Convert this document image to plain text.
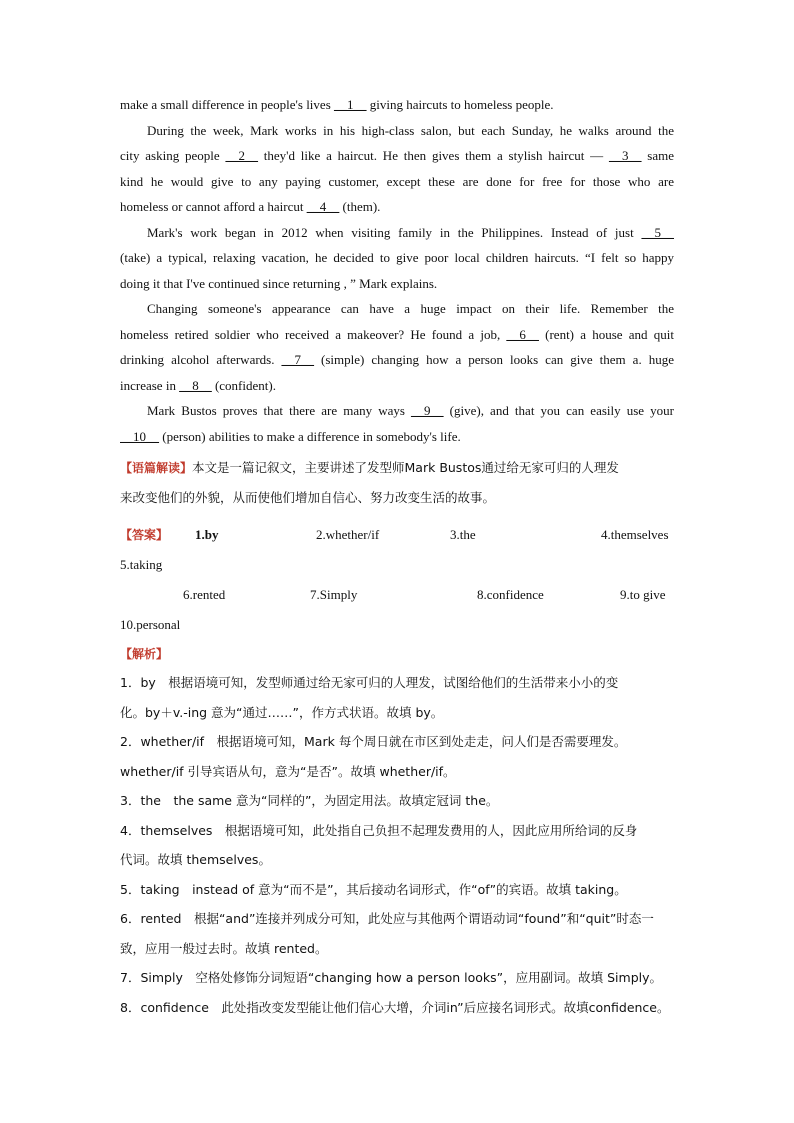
make a small difference in people's lives __1__ giving haircuts to homeless people.
During the week, Mark works in his high-class salon, but each Sunday, he walks around the
city asking people __2__ they'd like a haircut. He then gives them a stylish haircut — __3__ same
kind he would give to any paying customer, except these are done for free for those who are
homeless or cannot afford a haircut __4__ (them).
Mark's work began in 2012 when visiting family in the Philippines. Instead of just __5__
(take) a typical, relaxing vacation, he decided to give poor local children haircuts. “I felt so happy
doing it that I've continued since returning , ” Mark explains.
Changing someone's appearance can have a huge impact on their life. Remember the
homeless retired soldier who received a makeover? He found a job, __6__ (rent) a house and quit
drinking alcohol afterwards. __7__ (simple) changing how a person looks can give them a. huge
increase in __8__ (confident).
Mark Bustos proves that there are many ways __9__ (give), and that you can easily use your
__10__ (person) abilities to make a difference in somebody's life.
【语篇解读】本文是一篇记叙文，主要讲述了发型师Mark Bustos通过给无家可归的人理发
来改变他们的外貌，从而使他们增加自信心、努力改变生活的故事。
【答案】 1.by	2.whether/if	3.the	4.themselves
5.taking
6.rented	7.Simply	8.confidence	9.to give
10.personal
【解析】
1．by　根据语境可知，发型师通过给无家可归的人理发，试图给他们的生活带来小小的变
化。by＋v.-ing 意为“通过……”，作方式状语。故填 by。
2．whether/if　根据语境可知，Mark 每个周日就在市区到处走走，问人们是否需要理发。
whether/if 引导宾语从句，意为“是否”。故填 whether/if。
3．the　the same 意为“同样的”，为固定用法。故填定冠词 the。
4．themselves　根据语境可知，此处指自己负担不起理发费用的人，因此应用所给词的反身
代词。故填 themselves。
5．taking　instead of 意为“而不是”，其后接动名词形式，作“of”的宾语。故填 taking。
6．rented　根据“and”连接并列成分可知，此处应与其他两个谓语动词“found”和“quit”时态一
致，应用一般过去时。故填 rented。
7．Simply　空格处修饰分词短语“changing how a person looks”，应用副词。故填 Simply。
8．confidence　此处指改变发型能让他们信心大增，介词in”后应接名词形式。故填confidence。
